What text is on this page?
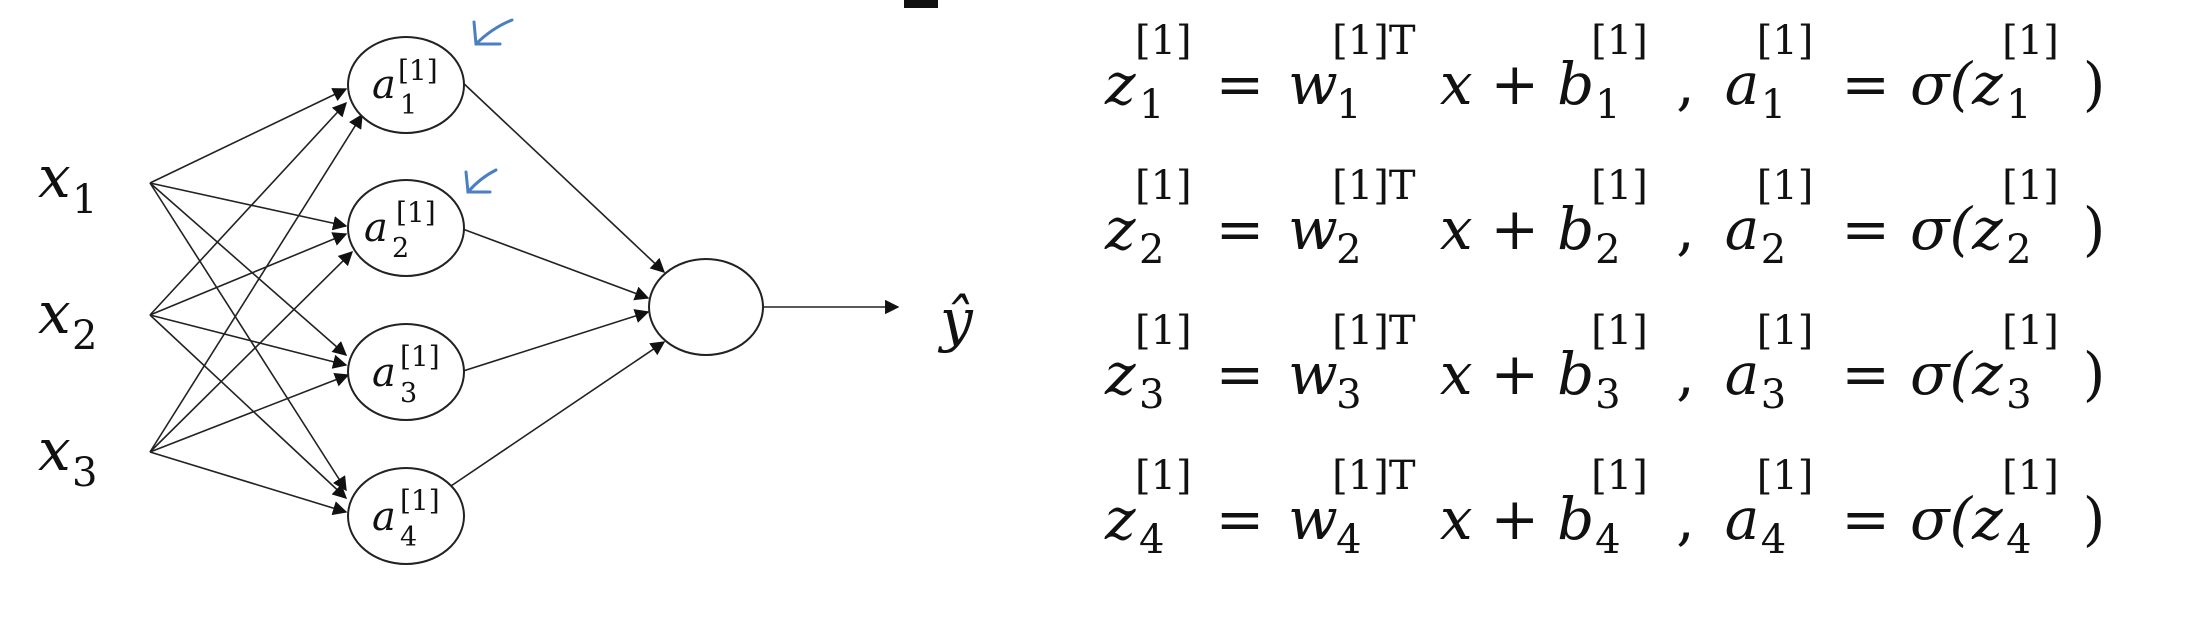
a [1]
1
a [1]
2
a [1]
3
a [1]
4
x 1
x 2
x 3
ŷ
z
[1]
1 = w
[1]T
1 x + b
[1]
1 , a
[1]
1 = σ(z
[1]
1 )
z
[1]
2 = w
[1]T
2 x + b
[1]
2 , a
[1]
2 = σ(z
[1]
2 )
z
[1]
3 = w
[1]T
3 x + b
[1]
3 , a
[1]
3 = σ(z
[1]
3 )
z
[1]
4 = w
[1]T
4 x + b
[1]
4 , a
[1]
4 = σ(z
[1]
4 )
